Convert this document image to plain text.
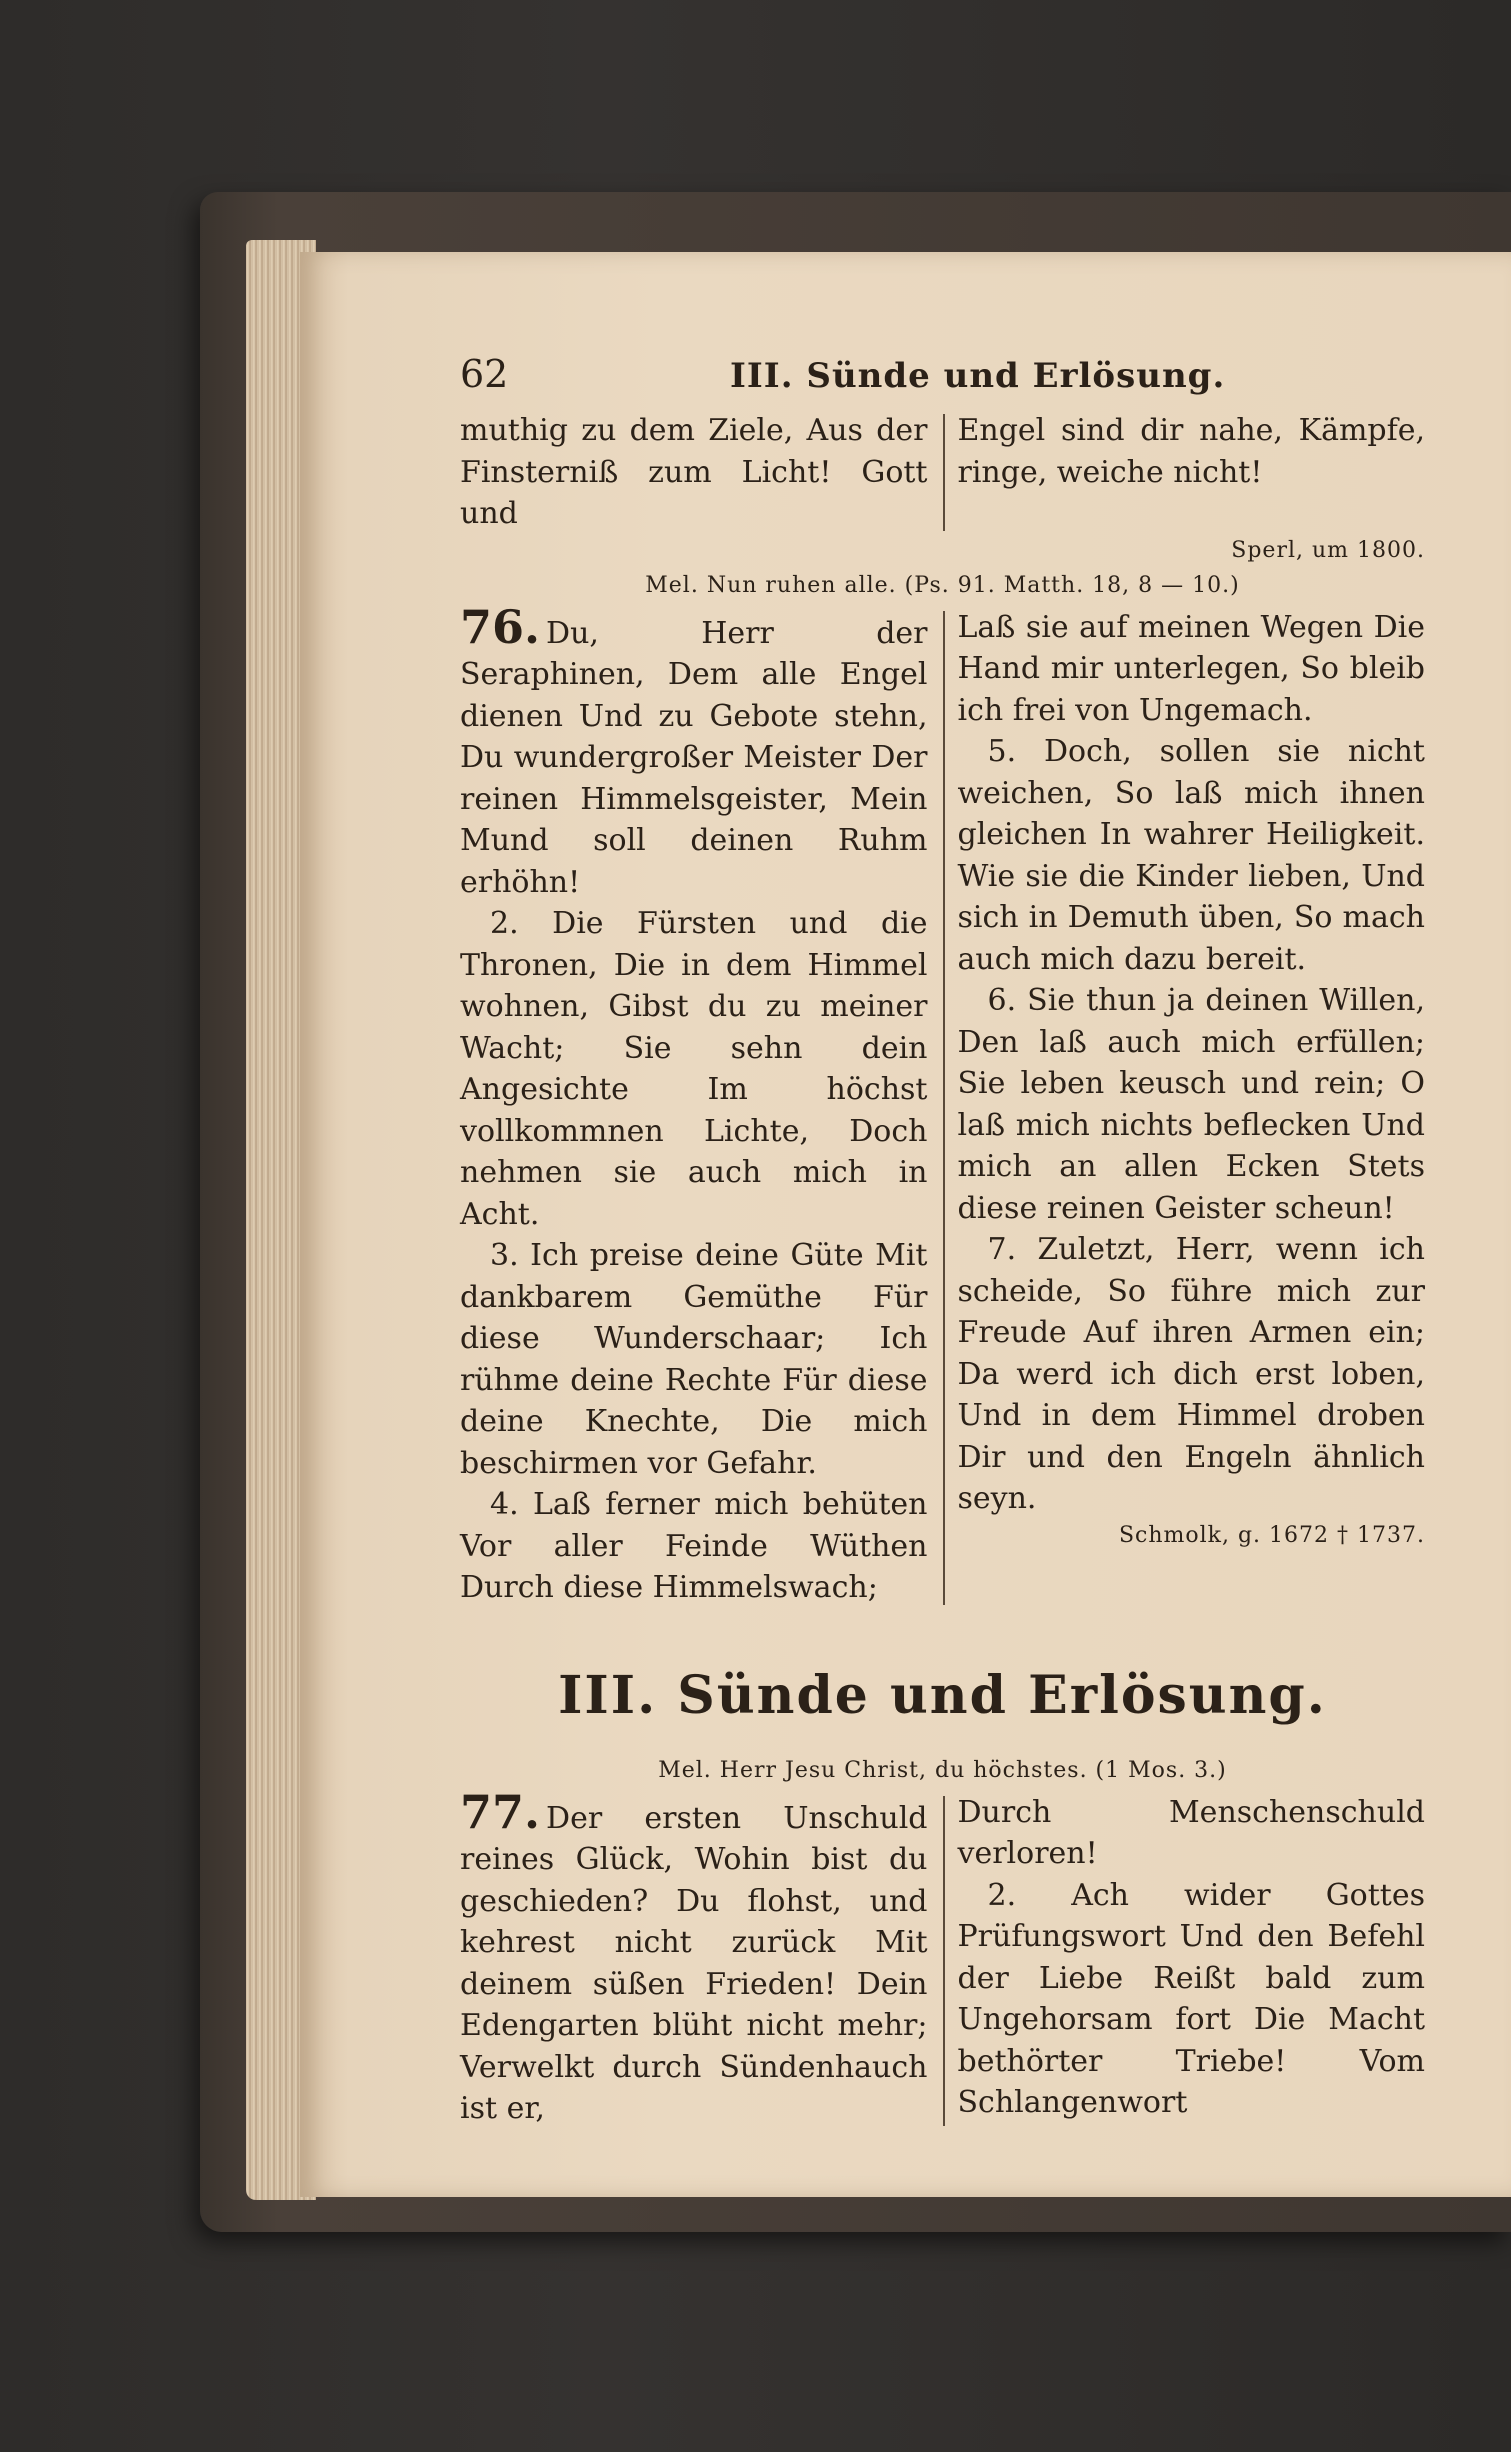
62	III. Sünde und Erlösung.

muthig zu dem Ziele, Aus der Finsterniß zum Licht! Gott und

Engel sind dir nahe, Kämpfe, ringe, weiche nicht!

Sperl, um 1800.

Mel. Nun ruhen alle. (Ps. 91. Matth. 18, 8 — 10.)

76. Du, Herr der Seraphinen, Dem alle Engel dienen Und zu Gebote stehn, Du wundergroßer Meister Der reinen Himmelsgeister, Mein Mund soll deinen Ruhm erhöhn!

2. Die Fürsten und die Thronen, Die in dem Himmel wohnen, Gibst du zu meiner Wacht; Sie sehn dein Angesichte Im höchst vollkommnen Lichte, Doch nehmen sie auch mich in Acht.

3. Ich preise deine Güte Mit dankbarem Gemüthe Für diese Wunderschaar; Ich rühme deine Rechte Für diese deine Knechte, Die mich beschirmen vor Gefahr.

4. Laß ferner mich behüten Vor aller Feinde Wüthen Durch diese Himmelswach;

Laß sie auf meinen Wegen Die Hand mir unterlegen, So bleib ich frei von Ungemach.

5. Doch, sollen sie nicht weichen, So laß mich ihnen gleichen In wahrer Heiligkeit. Wie sie die Kinder lieben, Und sich in Demuth üben, So mach auch mich dazu bereit.

6. Sie thun ja deinen Willen, Den laß auch mich erfüllen; Sie leben keusch und rein; O laß mich nichts beflecken Und mich an allen Ecken Stets diese reinen Geister scheun!

7. Zuletzt, Herr, wenn ich scheide, So führe mich zur Freude Auf ihren Armen ein; Da werd ich dich erst loben, Und in dem Himmel droben Dir und den Engeln ähnlich seyn.

Schmolk, g. 1672 † 1737.

III. Sünde und Erlösung.

Mel. Herr Jesu Christ, du höchstes. (1 Mos. 3.)

77. Der ersten Unschuld reines Glück, Wohin bist du geschieden? Du flohst, und kehrest nicht zurück Mit deinem süßen Frieden! Dein Edengarten blüht nicht mehr; Verwelkt durch Sündenhauch ist er,

Durch Menschenschuld verloren!

2. Ach wider Gottes Prüfungswort Und den Befehl der Liebe Reißt bald zum Ungehorsam fort Die Macht bethörter Triebe! Vom Schlangenwort
